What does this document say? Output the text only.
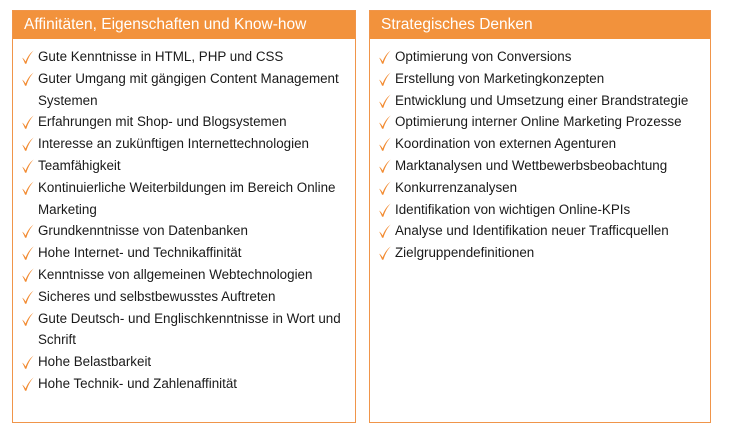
Affinitäten, Eigenschaften und Know-how
Gute Kenntnisse in HTML, PHP und CSS
Guter Umgang mit gängigen Content Management Systemen
Erfahrungen mit Shop- und Blogsystemen
Interesse an zukünftigen Internettechnologien
Teamfähigkeit
Kontinuierliche Weiterbildungen im Bereich Online Marketing
Grundkenntnisse von Datenbanken
Hohe Internet- und Technikaffinität
Kenntnisse von allgemeinen Webtechnologien
Sicheres und selbstbewusstes Auftreten
Gute Deutsch- und Englischkenntnisse in Wort und Schrift
Hohe Belastbarkeit
Hohe Technik- und Zahlenaffinität
Strategisches Denken
Optimierung von Conversions
Erstellung von Marketingkonzepten
Entwicklung und Umsetzung einer Brandstrategie
Optimierung interner Online Marketing Prozesse
Koordination von externen Agenturen
Marktanalysen und Wettbewerbsbeobachtung
Konkurrenzanalysen
Identifikation von wichtigen Online-KPIs
Analyse und Identifikation neuer Trafficquellen
Zielgruppendefinitionen
